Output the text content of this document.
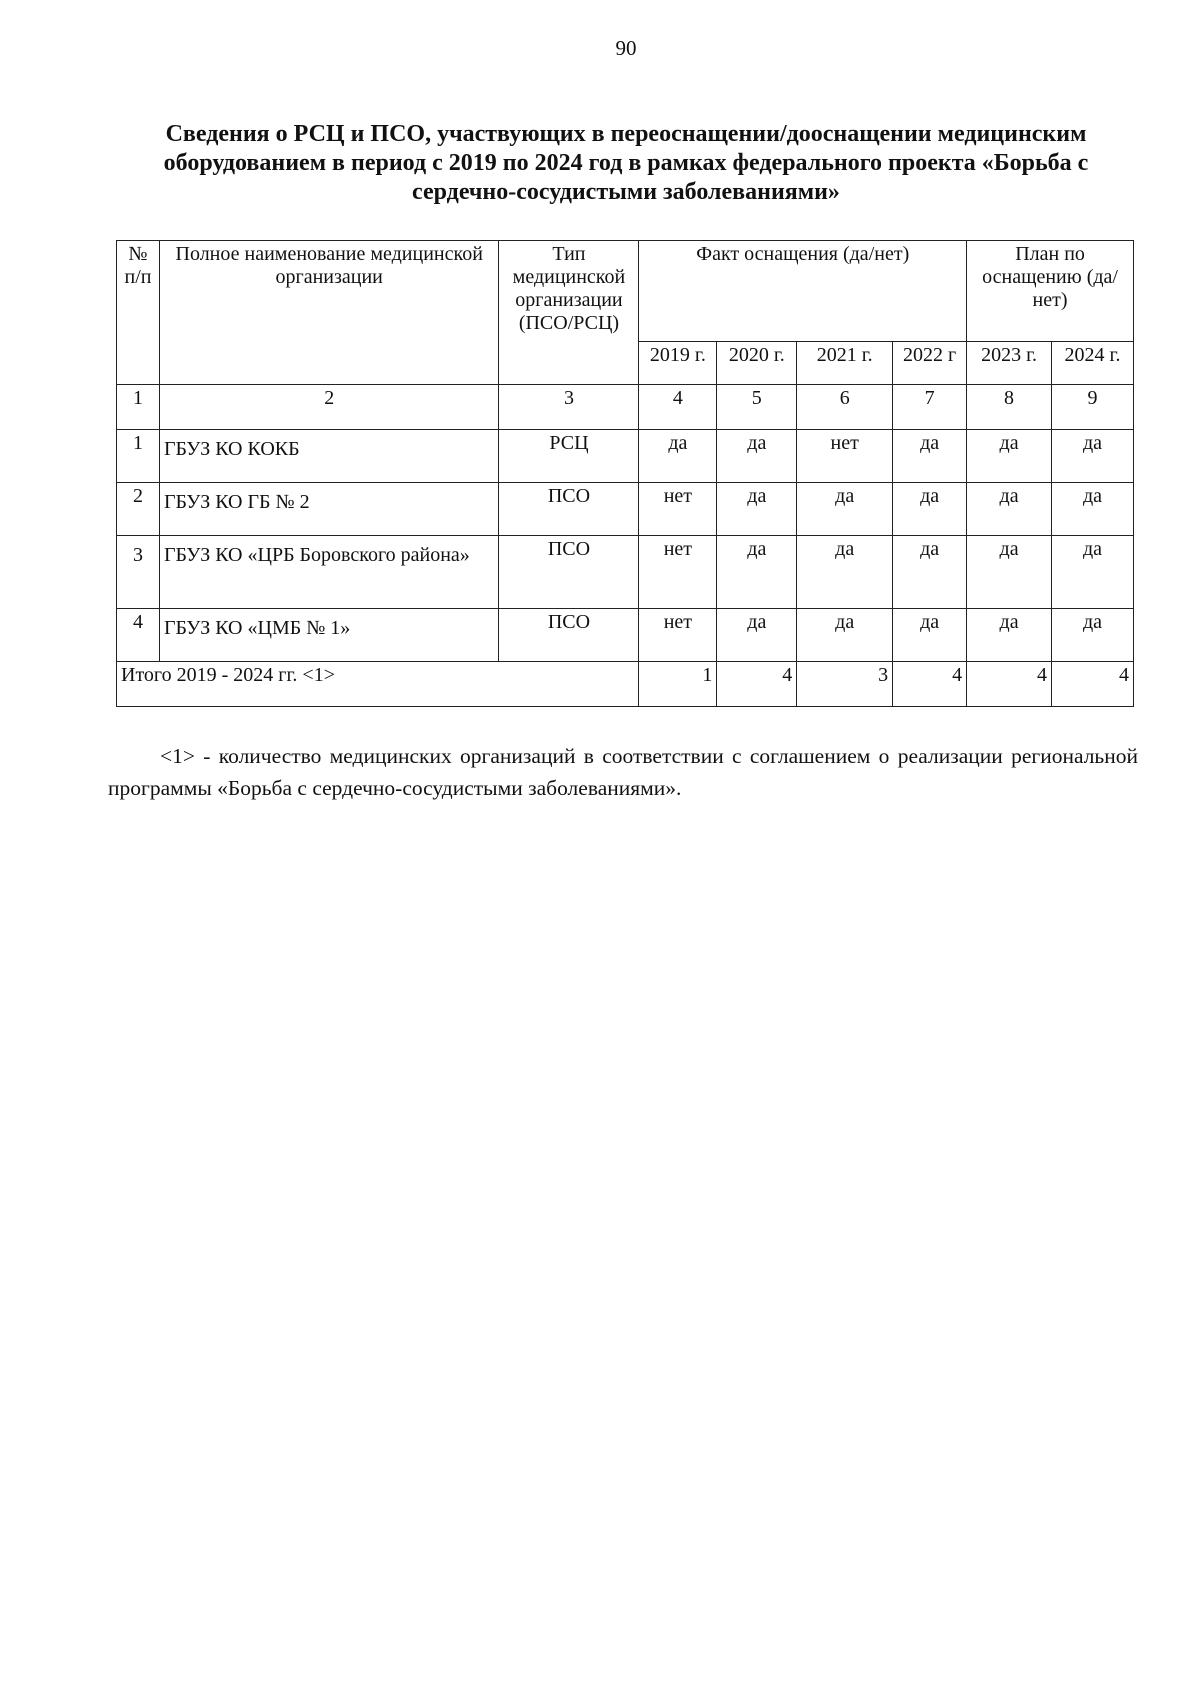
90
Сведения о РСЦ и ПСО, участвующих в переоснащении/дооснащении медицинским
оборудованием в период с 2019 по 2024 год в рамках федерального проекта «Борьба с
сердечно-сосудистыми заболеваниями»
№ п/п	Полное наименование медицинской организации	Тип медицинской организации (ПСО/РСЦ)	Факт оснащения (да/нет)				План по оснащению (да/нет)	
			2019 г.	2020 г.	2021 г.	2022 г	2023 г.	2024 г.
1	2	3	4	5	6	7	8	9
1	ГБУЗ КО КОКБ	РСЦ	да	да	нет	да	да	да
2	ГБУЗ КО ГБ № 2	ПСО	нет	да	да	да	да	да
3	ГБУЗ КО «ЦРБ Боровского района»	ПСО	нет	да	да	да	да	да
4	ГБУЗ КО «ЦМБ № 1»	ПСО	нет	да	да	да	да	да
Итого 2019 - 2024 гг. <1>			1	4	3	4	4	4

<1> - количество медицинских организаций в соответствии с соглашением о реализации региональной программы «Борьба с сердечно-сосудистыми заболеваниями».
